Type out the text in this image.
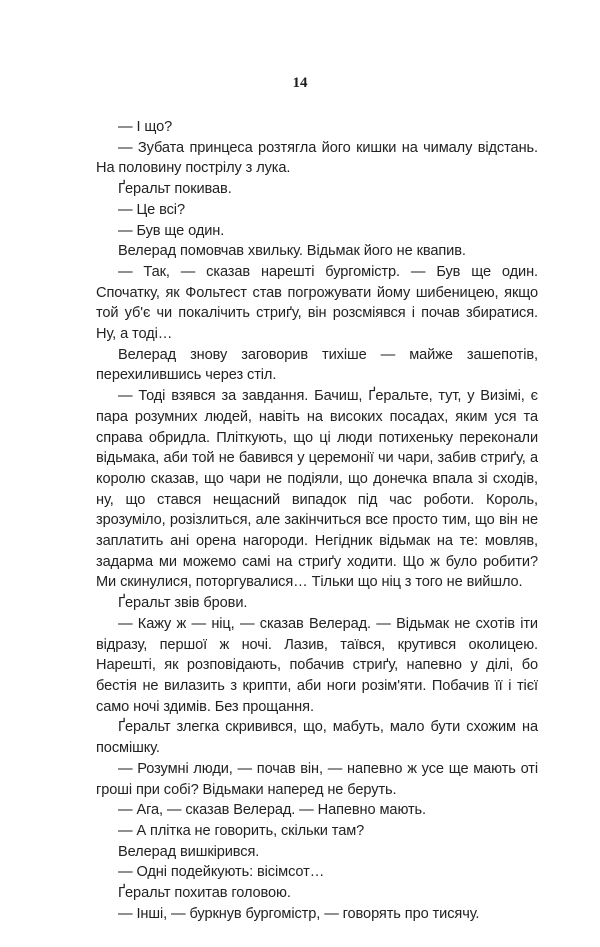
14

— І що?

— Зубата принцеса розтягла його кишки на чималу відстань. На половину пострілу з лука.

Ґеральт покивав.

— Це всі?

— Був ще один.

Велерад помовчав хвильку. Відьмак його не квапив.

— Так, — сказав нарешті бургомістр. — Був ще один. Спочатку, як Фольтест став погрожувати йому шибеницею, якщо той уб'є чи покалічить стриґу, він розсміявся і почав збиратися. Ну, а тоді…

Велерад знову заговорив тихіше — майже зашепотів, перехилившись через стіл.

— Тоді взявся за завдання. Бачиш, Ґеральте, тут, у Визімі, є пара розумних людей, навіть на високих посадах, яким уся та справа обридла. Пліткують, що ці люди потихеньку переконали відьмака, аби той не бавився у церемонії чи чари, забив стриґу, а королю сказав, що чари не подіяли, що донечка впала зі сходів, ну, що стався нещасний випадок під час роботи. Король, зрозуміло, розізлиться, але закінчиться все просто тим, що він не заплатить ані орена нагороди. Негідник відьмак на те: мовляв, задарма ми можемо самі на стриґу ходити. Що ж було робити? Ми скинулися, поторгувалися… Тільки що ніц з того не вийшло.

Ґеральт звів брови.

— Кажу ж — ніц, — сказав Велерад. — Відьмак не схотів іти відразу, першої ж ночі. Лазив, таївся, крутився околицею. Нарешті, як розповідають, побачив стриґу, напевно у ділі, бо бестія не вилазить з крипти, аби ноги розім'яти. Побачив її і тієї само ночі здимів. Без прощання.

Ґеральт злегка скривився, що, мабуть, мало бути схожим на посмішку.

— Розумні люди, — почав він, — напевно ж усе ще мають оті гроші при собі? Відьмаки наперед не беруть.

— Ага, — сказав Велерад. — Напевно мають.

— А плітка не говорить, скільки там?

Велерад вишкірився.

— Одні подейкують: вісімсот…

Ґеральт похитав головою.

— Інші, — буркнув бургомістр, — говорять про тисячу.
